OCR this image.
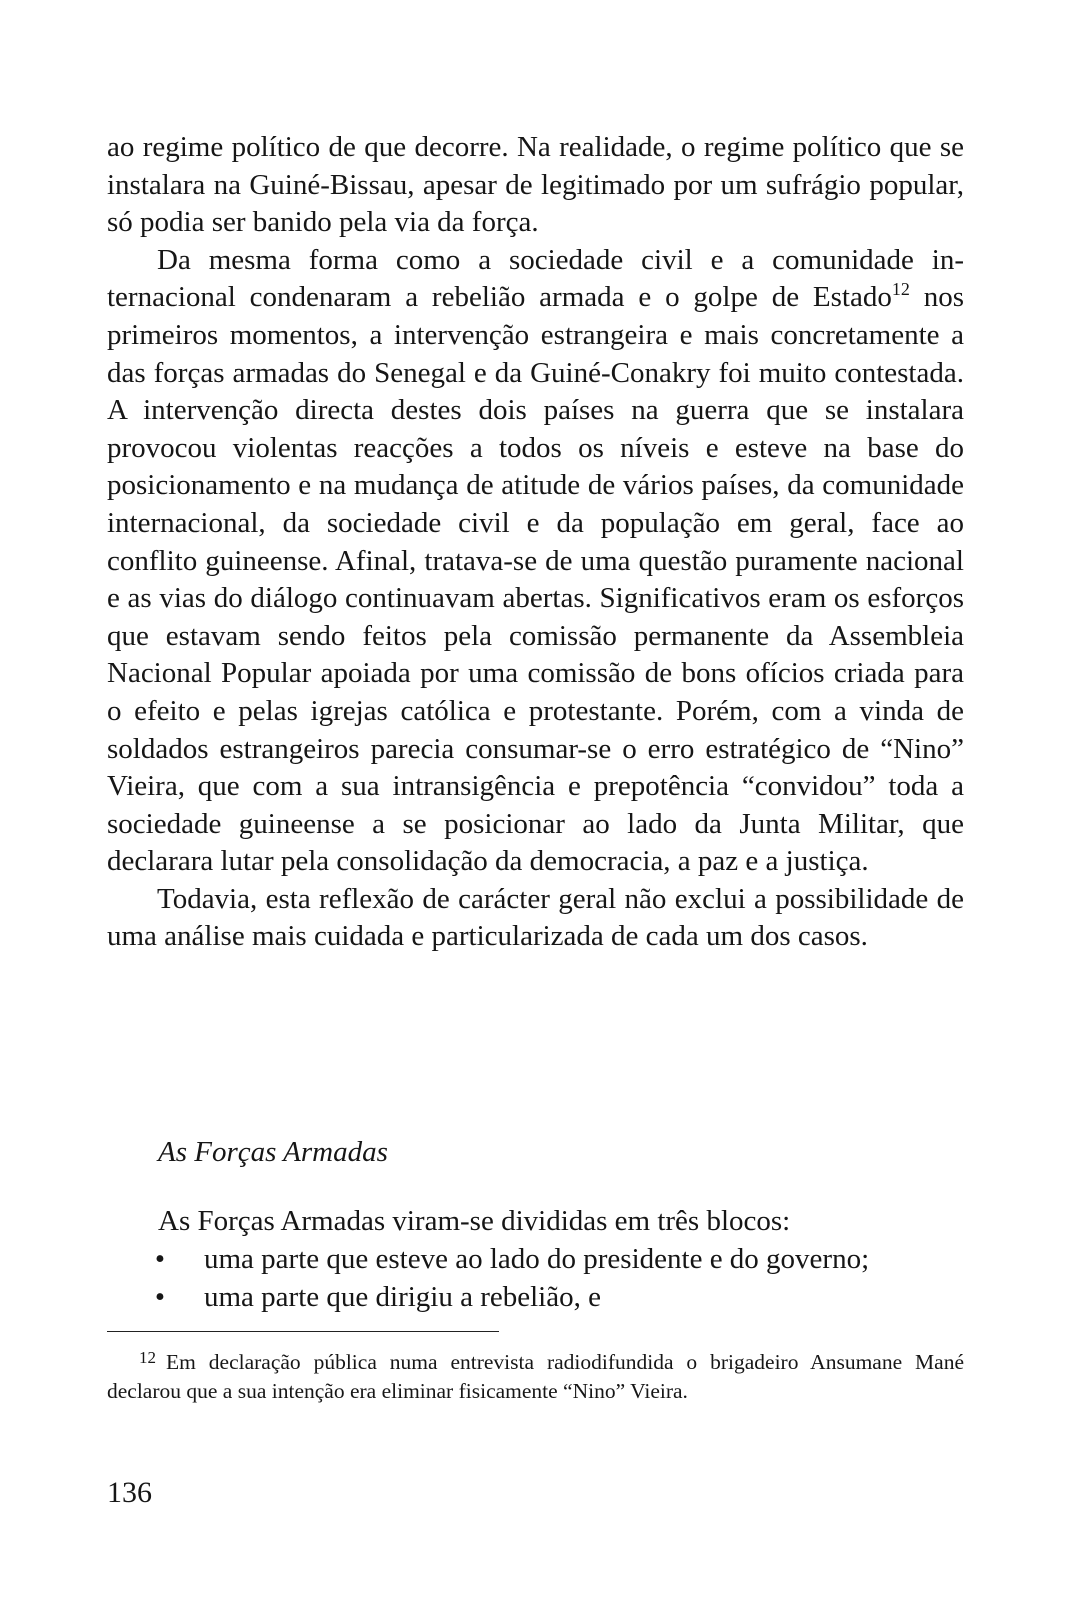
ao regime político de que decorre. Na realidade, o regime político que se instalara na Guiné-Bissau, apesar de legitimado por um sufrágio popular, só podia ser banido pela via da força.

Da mesma forma como a sociedade civil e a comunidade internacional condenaram a rebelião armada e o golpe de Estado$^{12}$ nos primeiros momentos, a intervenção estrangeira e mais concretamente a das forças armadas do Senegal e da Guiné-Conakry foi muito contestada. A intervenção directa destes dois países na guerra que se instalara provocou violentas reacções a todos os níveis e esteve na base do posicionamento e na mudança de atitude de vários países, da comunidade internacional, da sociedade civil e da população em geral, face ao conflito guineense. Afinal, tratava-se de uma questão puramente nacional e as vias do diálogo continuavam abertas. Significativos eram os esforços que estavam sendo feitos pela comissão permanente da Assembleia Nacional Popular apoiada por uma comissão de bons ofícios criada para o efeito e pelas igrejas católica e protestante. Porém, com a vinda de soldados estrangeiros parecia consumar-se o erro estratégico de “Nino” Vieira, que com a sua intransigência e prepotência “convidou” toda a sociedade guineense a se posicionar ao lado da Junta Militar, que declarara lutar pela consolidação da democracia, a paz e a justiça.

Todavia, esta reflexão de carácter geral não exclui a possibilidade de uma análise mais cuidada e particularizada de cada um dos casos.

As Forças Armadas

As Forças Armadas viram-se divididas em três blocos:

• uma parte que esteve ao lado do presidente e do governo;
• uma parte que dirigiu a rebelião, e

12 Em declaração pública numa entrevista radiodifundida o brigadeiro Ansumane Mané declarou que a sua intenção era eliminar fisicamente “Nino” Vieira.

136
